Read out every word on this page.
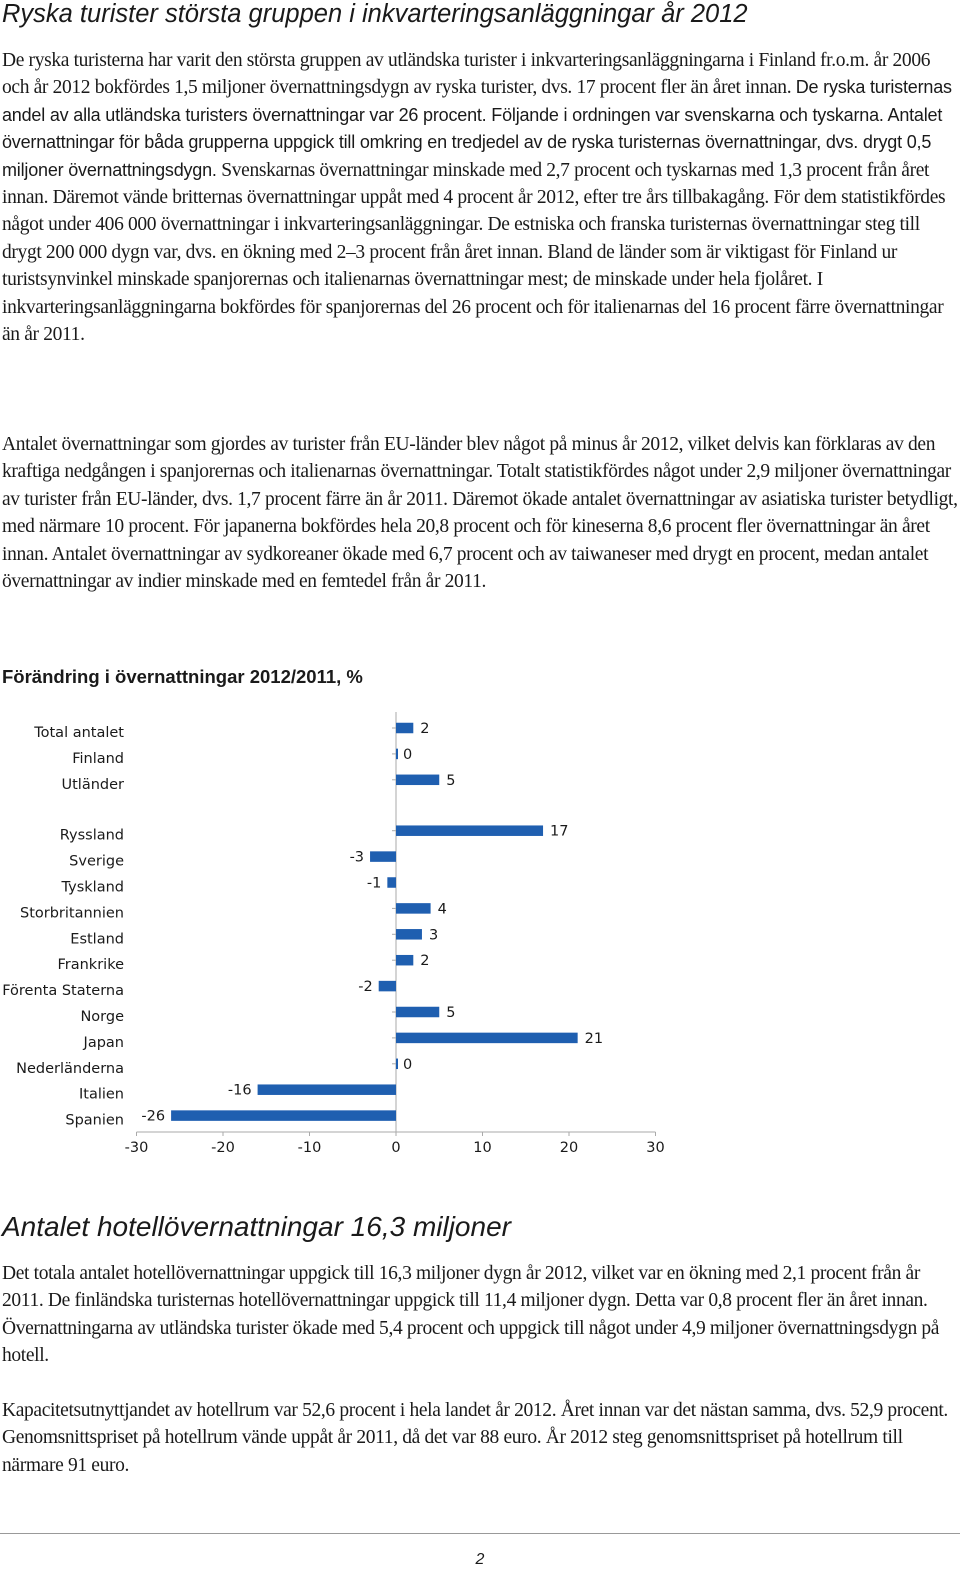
Ryska turister största gruppen i inkvarteringsanläggningar år 2012

De ryska turisterna har varit den största gruppen av utländska turister i inkvarteringsanläggningarna i Finland fr.o.m. år 2006 och år 2012 bokfördes 1,5 miljoner övernattningsdygn av ryska turister, dvs. 17 procent fler än året innan. De ryska turisternas andel av alla utländska turisters övernattningar var 26 procent. Följande i ordningen var svenskarna och tyskarna. Antalet övernattningar för båda grupperna uppgick till omkring en tredjedel av de ryska turisternas övernattningar, dvs. drygt 0,5 miljoner övernattningsdygn. Svenskarnas övernattningar minskade med 2,7 procent och tyskarnas med 1,3 procent från året innan. Däremot vände britternas övernattningar uppåt med 4 procent år 2012, efter tre års tillbakagång. För dem statistikfördes något under 406 000 övernattningar i inkvarteringsanläggningar. De estniska och franska turisternas övernattningar steg till drygt 200 000 dygn var, dvs. en ökning med 2–3 procent från året innan. Bland de länder som är viktigast för Finland ur turistsynvinkel minskade spanjorernas och italienarnas övernattningar mest; de minskade under hela fjolåret. I inkvarteringsanläggningarna bokfördes för spanjorernas del 26 procent och för italienarnas del 16 procent färre övernattningar än år 2011.

Antalet övernattningar som gjordes av turister från EU-länder blev något på minus år 2012, vilket delvis kan förklaras av den kraftiga nedgången i spanjorernas och italienarnas övernattningar. Totalt statistikfördes något under 2,9 miljoner övernattningar av turister från EU-länder, dvs. 1,7 procent färre än år 2011. Däremot ökade antalet övernattningar av asiatiska turister betydligt, med närmare 10 procent. För japanerna bokfördes hela 20,8 procent och för kineserna 8,6 procent fler övernattningar än året innan. Antalet övernattningar av sydkoreaner ökade med 6,7 procent och av taiwaneser med drygt en procent, medan antalet övernattningar av indier minskade med en femtedel från år 2011.

Förändring i övernattningar 2012/2011, %
Total antalet	2
Finland	0
Utländer	5
Ryssland	17
Sverige	-3
Tyskland	-1
Storbritannien	4
Estland	3
Frankrike	2
Förenta Staterna	-2
Norge	5
Japan	21
Nederländerna	0
Italien	-16
Spanien -26
-30	-20	-10	0	10	20	30
Antalet hotellövernattningar 16,3 miljoner

Det totala antalet hotellövernattningar uppgick till 16,3 miljoner dygn år 2012, vilket var en ökning med 2,1 procent från år 2011. De finländska turisternas hotellövernattningar uppgick till 11,4 miljoner dygn. Detta var 0,8 procent fler än året innan. Övernattningarna av utländska turister ökade med 5,4 procent och uppgick till något under 4,9 miljoner övernattningsdygn på hotell.

Kapacitetsutnyttjandet av hotellrum var 52,6 procent i hela landet år 2012. Året innan var det nästan samma, dvs. 52,9 procent. Genomsnittspriset på hotellrum vände uppåt år 2011, då det var 88 euro. År 2012 steg genomsnittspriset på hotellrum till närmare 91 euro.

2
